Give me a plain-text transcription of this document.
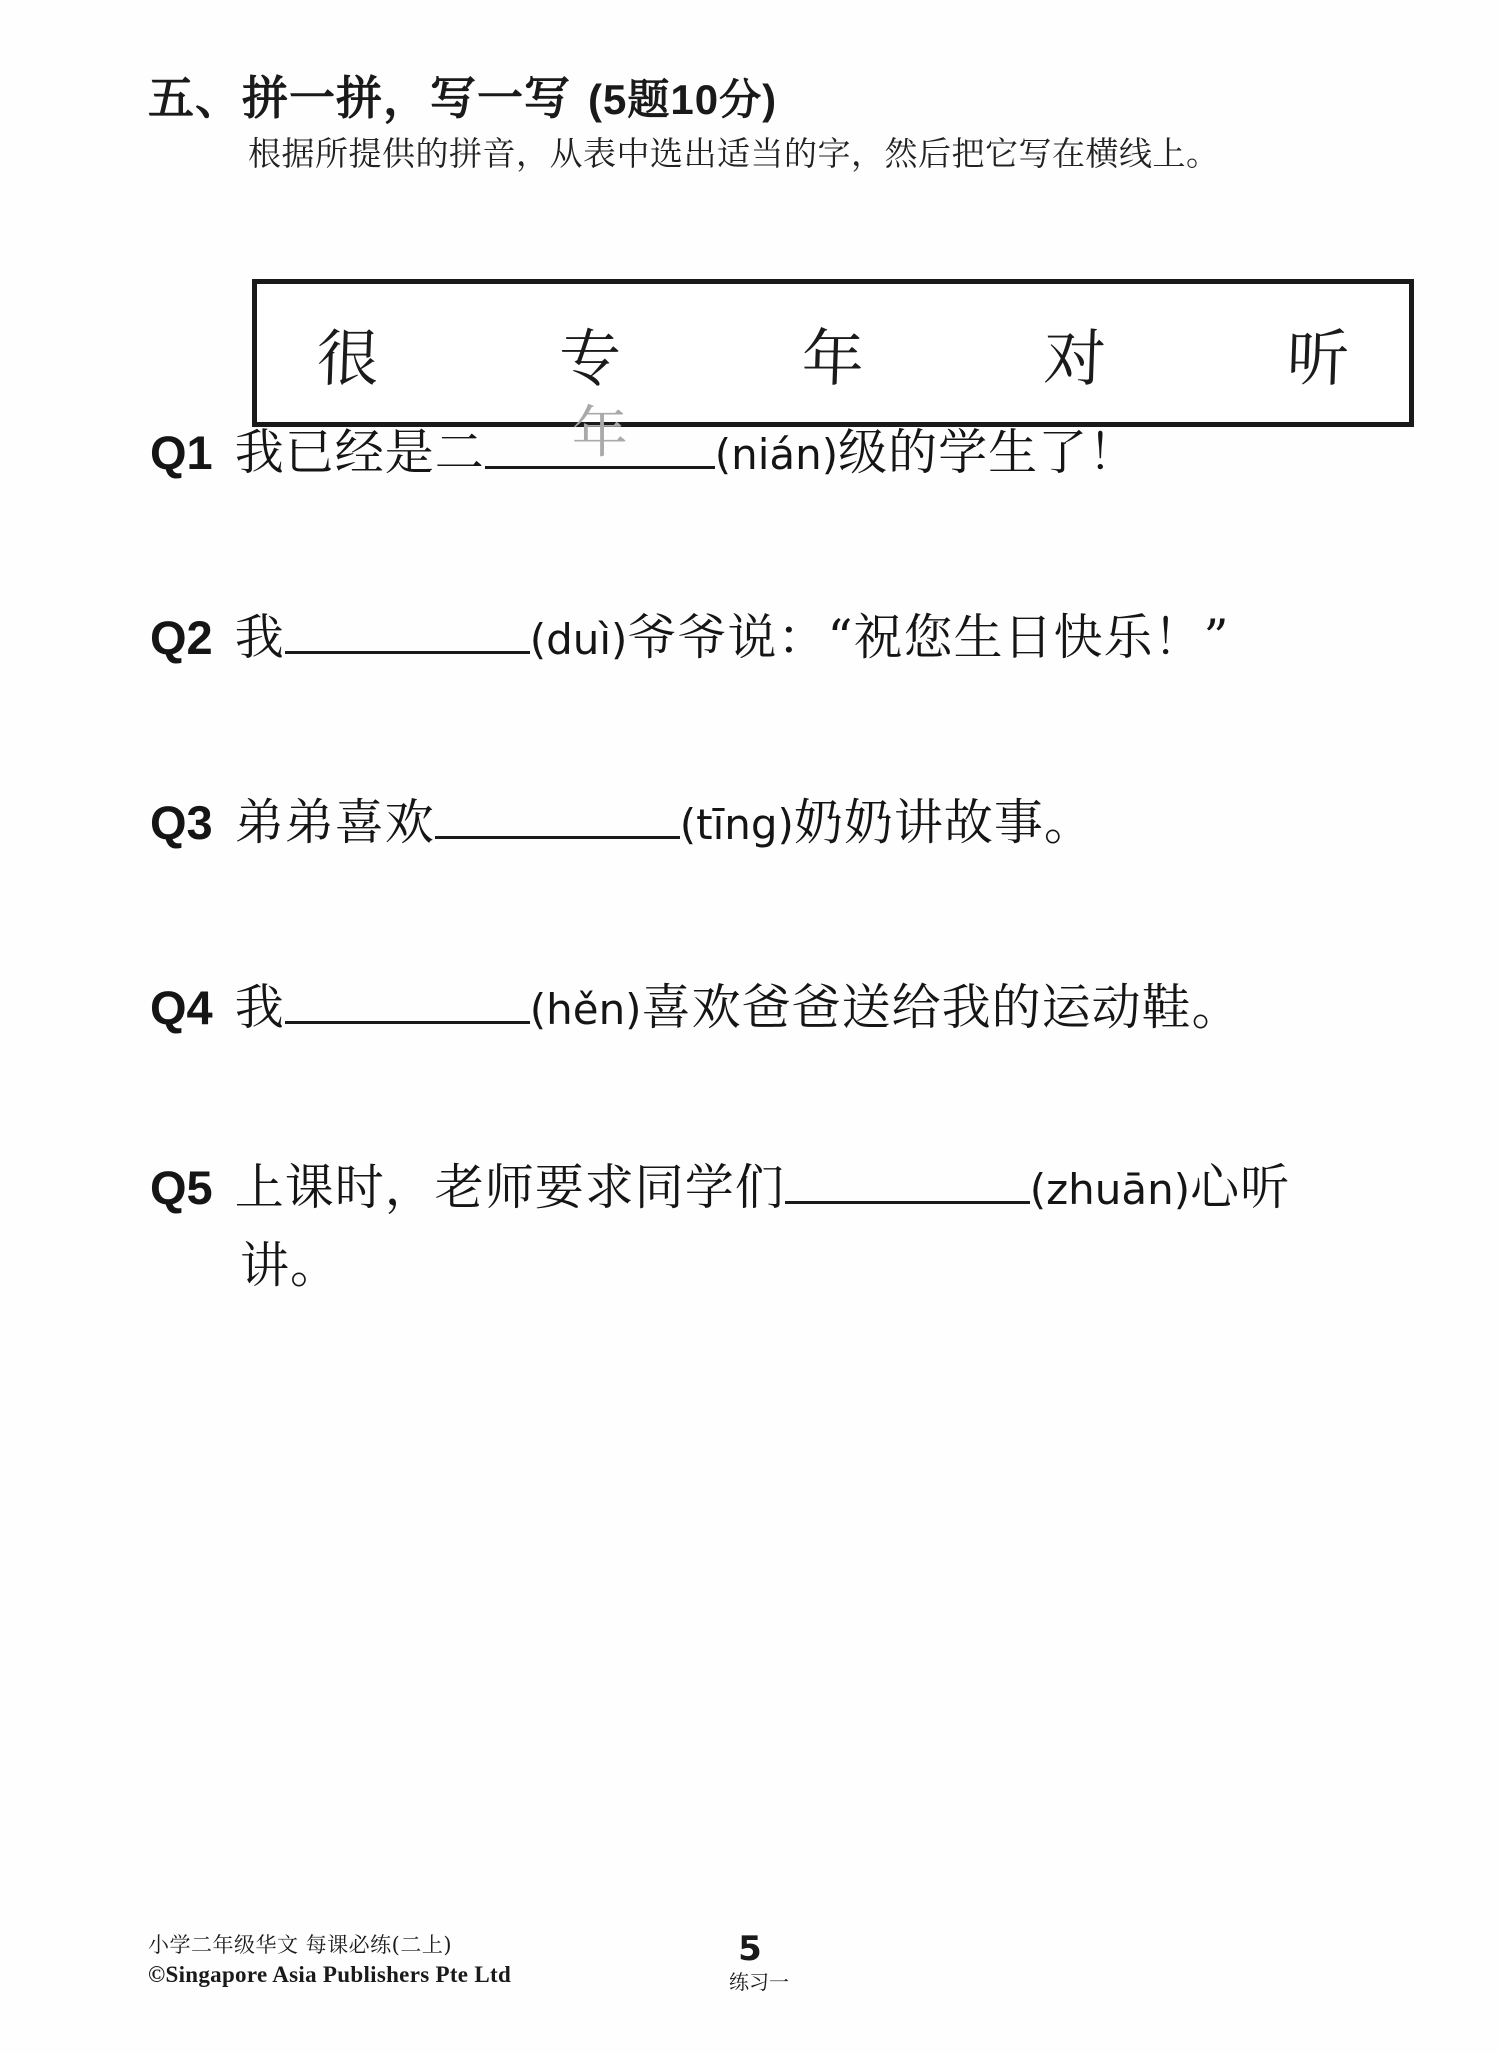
五、拼一拼，写一写 (5题10分)
根据所提供的拼音，从表中选出适当的字，然后把它写在横线上。
很	专	年	对	听
Q1 我已经是二	年	(nián)级的学生了！
Q2 我	(duì)爷爷说：“祝您生日快乐！”
Q3 弟弟喜欢	(tīng)奶奶讲故事。
Q4 我	(hěn)喜欢爸爸送给我的运动鞋。
Q5 上课时，老师要求同学们	(zhuān)心听
讲。
小学二年级华文 每课必练(二上)
©Singapore Asia Publishers Pte Ltd
5
练习一
